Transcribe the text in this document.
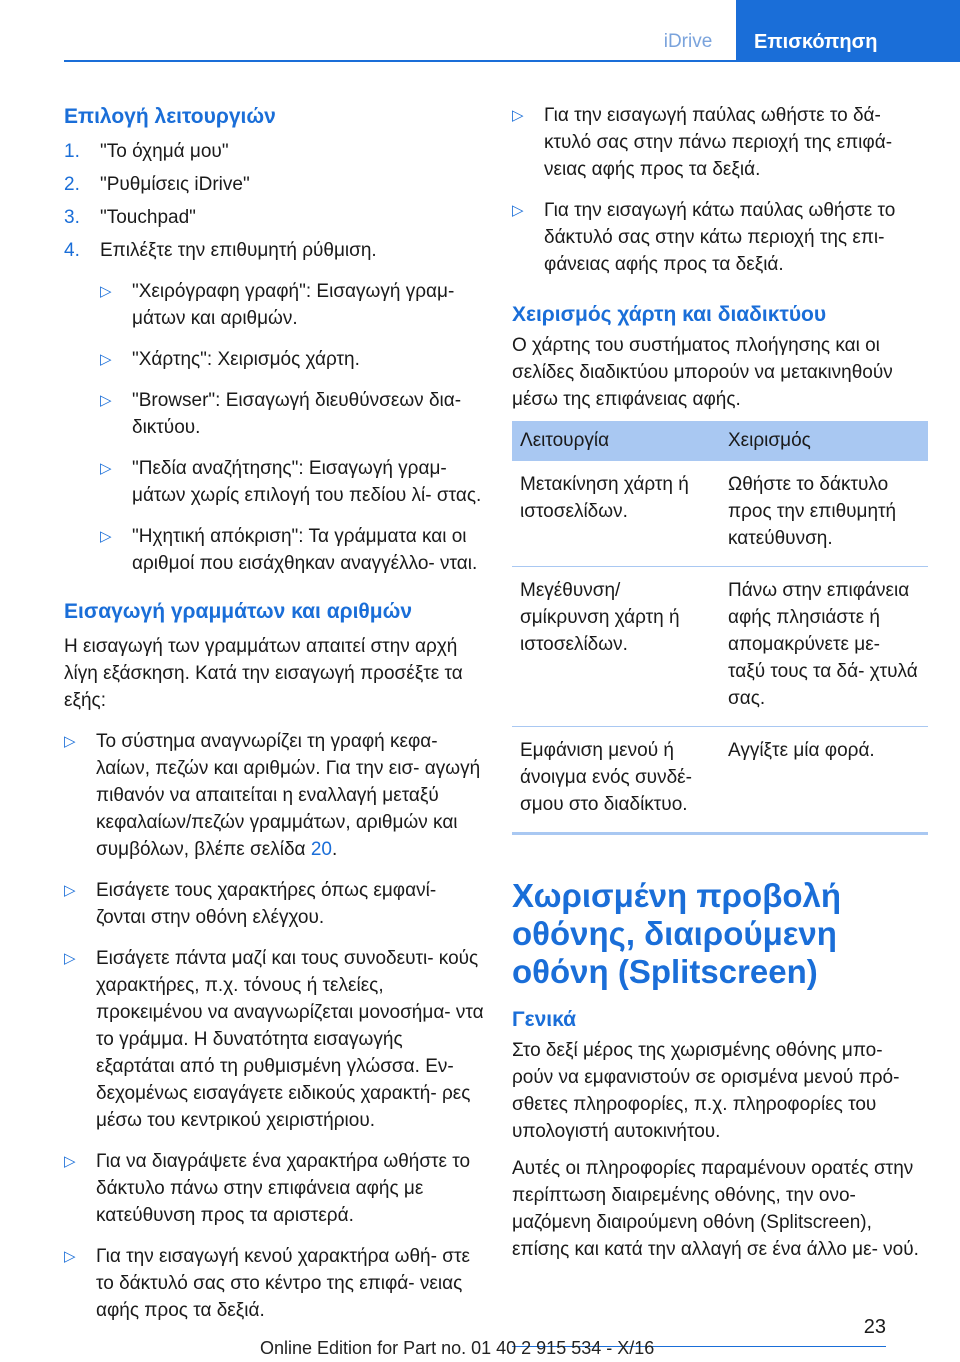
iDrive	Επισκόπηση
Επιλογή λειτουργιών
1. "Το όχημά μου"
2. "Ρυθμίσεις iDrive"
3. "Touchpad"
4. Επιλέξτε την επιθυμητή ρύθμιση.
▷ "Χειρόγραφη γραφή": Εισαγωγή γραμ- μάτων και αριθμών.
▷ "Χάρτης": Χειρισμός χάρτη.
▷ "Browser": Εισαγωγή διευθύνσεων δια- δικτύου.
▷ "Πεδία αναζήτησης": Εισαγωγή γραμ- μάτων χωρίς επιλογή του πεδίου λί- στας.
▷ "Ηχητική απόκριση": Τα γράμματα και οι αριθμοί που εισάχθηκαν αναγγέλλο- νται.
Εισαγωγή γραμμάτων και αριθμών

Η εισαγωγή των γραμμάτων απαιτεί στην αρχή λίγη εξάσκηση. Κατά την εισαγωγή προσέξτε τα εξής:

▷ Το σύστημα αναγνωρίζει τη γραφή κεφα- λαίων, πεζών και αριθμών. Για την εισ- αγωγή πιθανόν να απαιτείται η εναλλαγή μεταξύ κεφαλαίων/πεζών γραμμάτων, αριθμών και συμβόλων, βλέπε σελίδα 20.
▷ Εισάγετε τους χαρακτήρες όπως εμφανί- ζονται στην οθόνη ελέγχου.
▷ Εισάγετε πάντα μαζί και τους συνοδευτι- κούς χαρακτήρες, π.χ. τόνους ή τελείες, προκειμένου να αναγνωρίζεται μονοσήμα- ντα το γράμμα. Η δυνατότητα εισαγωγής εξαρτάται από τη ρυθμισμένη γλώσσα. Εν- δεχομένως εισαγάγετε ειδικούς χαρακτή- ρες μέσω του κεντρικού χειριστήριου.
▷ Για να διαγράψετε ένα χαρακτήρα ωθήστε το δάκτυλο πάνω στην επιφάνεια αφής με κατεύθυνση προς τα αριστερά.
▷ Για την εισαγωγή κενού χαρακτήρα ωθή- στε το δάκτυλό σας στο κέντρο της επιφά- νειας αφής προς τα δεξιά.
▷ Για την εισαγωγή παύλας ωθήστε το δά- κτυλό σας στην πάνω περιοχή της επιφά- νειας αφής προς τα δεξιά.
▷ Για την εισαγωγή κάτω παύλας ωθήστε το δάκτυλό σας στην κάτω περιοχή της επι- φάνειας αφής προς τα δεξιά.
Χειρισμός χάρτη και διαδικτύου

Ο χάρτης του συστήματος πλοήγησης και οι σελίδες διαδικτύου μπορούν να μετακινηθούν μέσω της επιφάνειας αφής.

Λειτουργία	Χειρισμός
Μετακίνηση χάρτη ή ιστοσελίδων.	Ωθήστε το δάκτυλο προς την επιθυμητή κατεύθυνση.
Μεγέθυνση/ σμίκρυνση χάρτη ή ιστοσελίδων.	Πάνω στην επιφάνεια αφής πλησιάστε ή απομακρύνετε με- ταξύ τους τα δά- χτυλά σας.
Εμφάνιση μενού ή άνοιγμα ενός συνδέ- σμου στο διαδίκτυο.	Αγγίξτε μία φορά.
Χωρισμένη προβολή οθόνης, διαιρούμενη οθόνη (Splitscreen)
Γενικά

Στο δεξί μέρος της χωρισμένης οθόνης μπο- ρούν να εμφανιστούν σε ορισμένα μενού πρό- σθετες πληροφορίες, π.χ. πληροφορίες του υπολογιστή αυτοκινήτου.

Αυτές οι πληροφορίες παραμένουν ορατές στην περίπτωση διαιρεμένης οθόνης, την ονο- μαζόμενη διαιρούμενη οθόνη (Splitscreen), επίσης και κατά την αλλαγή σε ένα άλλο με- νού.

23
Online Edition for Part no. 01 40 2 915 534 - X/16
